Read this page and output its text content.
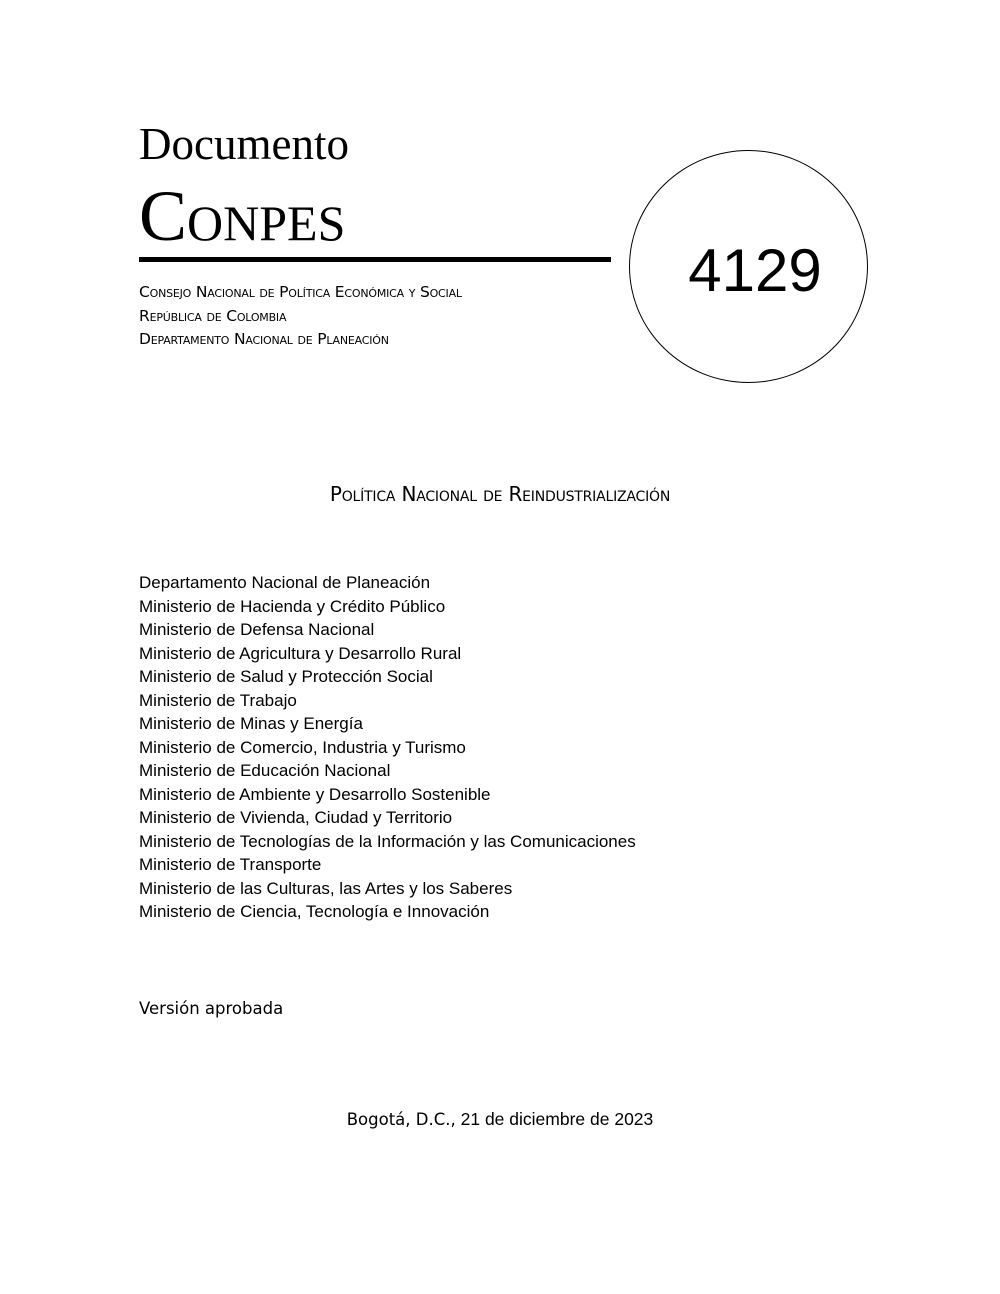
Documento
Conpes
Consejo Nacional de Política Económica y Social
República de Colombia
Departamento Nacional de Planeación
4129
Política Nacional de Reindustrialización
Departamento Nacional de Planeación
Ministerio de Hacienda y Crédito Público
Ministerio de Defensa Nacional
Ministerio de Agricultura y Desarrollo Rural
Ministerio de Salud y Protección Social
Ministerio de Trabajo
Ministerio de Minas y Energía
Ministerio de Comercio, Industria y Turismo
Ministerio de Educación Nacional
Ministerio de Ambiente y Desarrollo Sostenible
Ministerio de Vivienda, Ciudad y Territorio
Ministerio de Tecnologías de la Información y las Comunicaciones
Ministerio de Transporte
Ministerio de las Culturas, las Artes y los Saberes
Ministerio de Ciencia, Tecnología e Innovación
Versión aprobada
Bogotá, D.C., 21 de diciembre de 2023
